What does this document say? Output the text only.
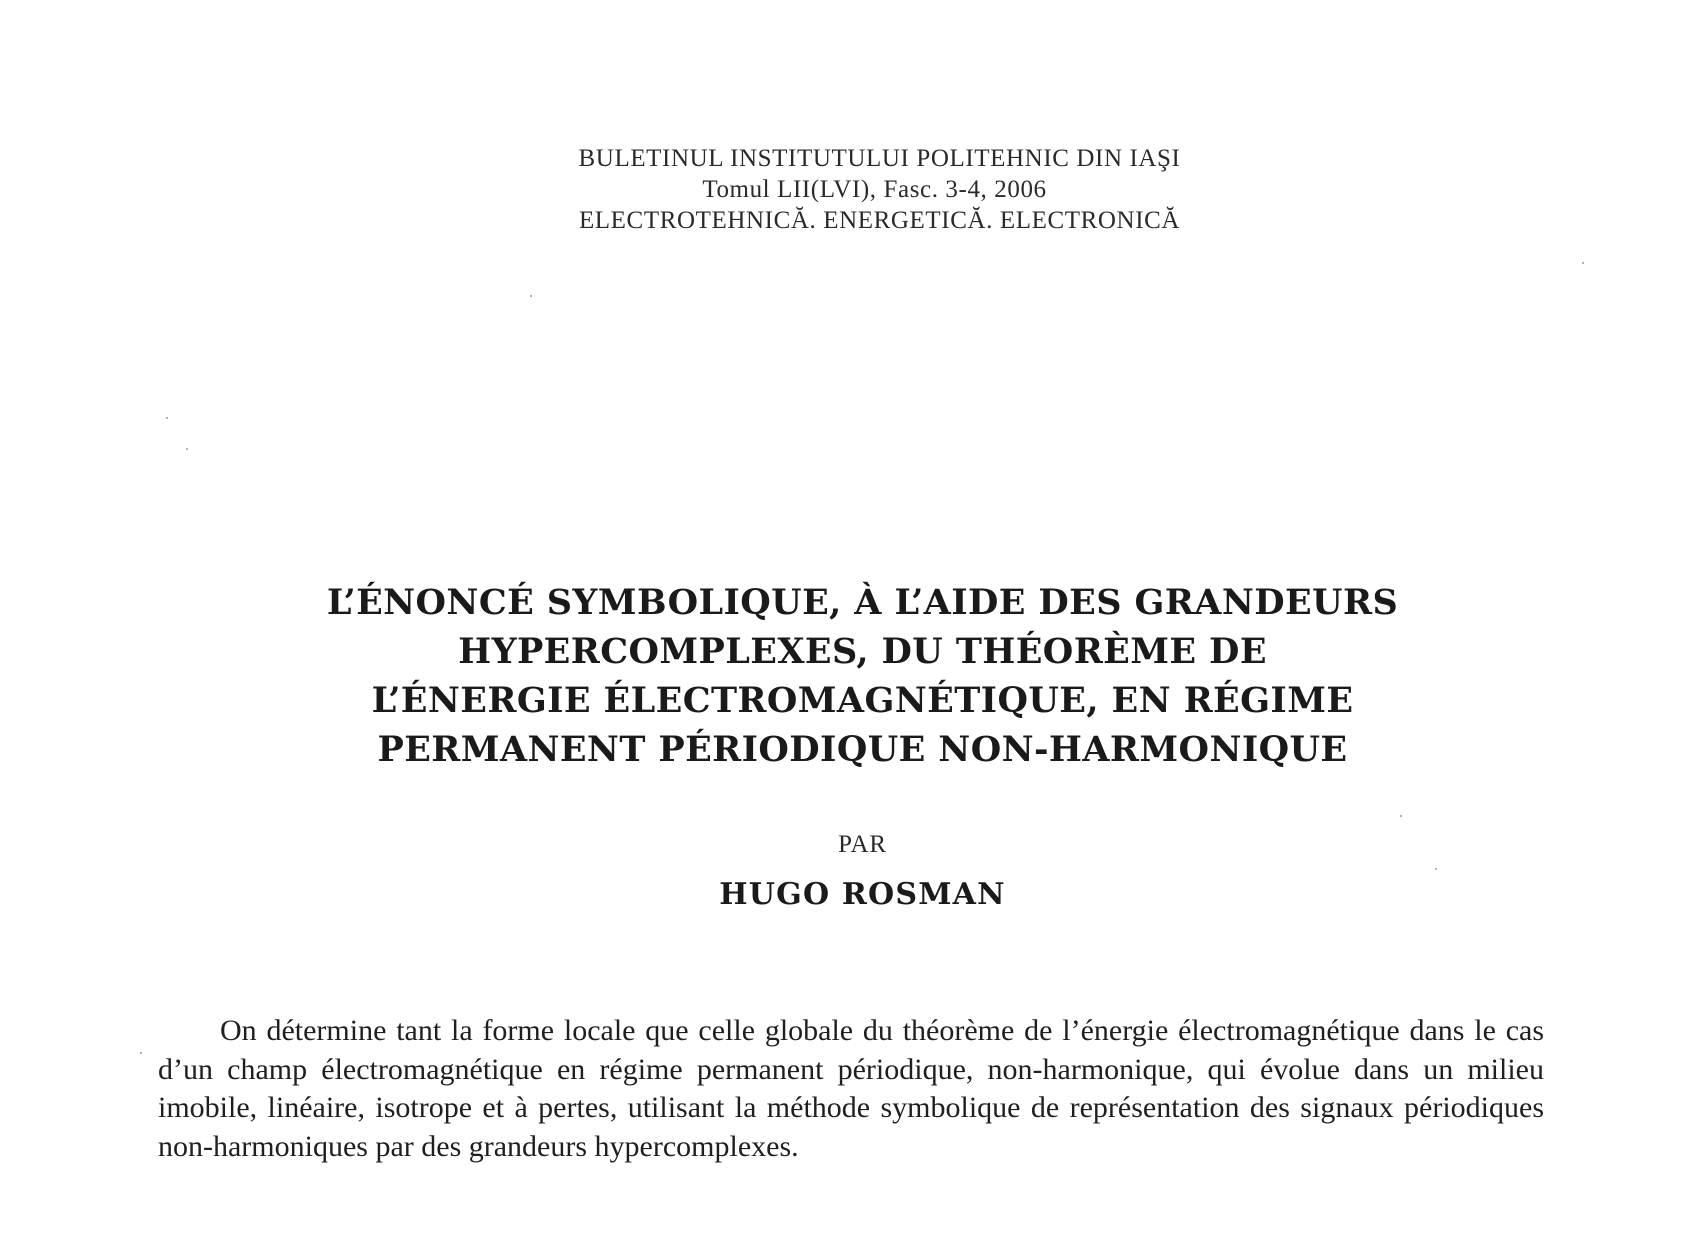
BULETINUL INSTITUTULUI POLITEHNIC DIN IAŞI
Tomul LII(LVI), Fasc. 3-4, 2006
ELECTROTEHNICĂ. ENERGETICĂ. ELECTRONICĂ
L’ÉNONCÉ SYMBOLIQUE, À L’AIDE DES GRANDEURS
HYPERCOMPLEXES, DU THÉORÈME DE
L’ÉNERGIE ÉLECTROMAGNÉTIQUE, EN RÉGIME
PERMANENT PÉRIODIQUE NON-HARMONIQUE
PAR
HUGO ROSMAN

On détermine tant la forme locale que celle globale du théorème de l’énergie électromagnétique dans le cas d’un champ électromagnétique en régime permanent périodique, non-harmonique, qui évolue dans un milieu imobile, linéaire, isotrope et à pertes, utilisant la méthode symbolique de représentation des signaux périodiques non-harmoniques par des grandeurs hypercomplexes.
